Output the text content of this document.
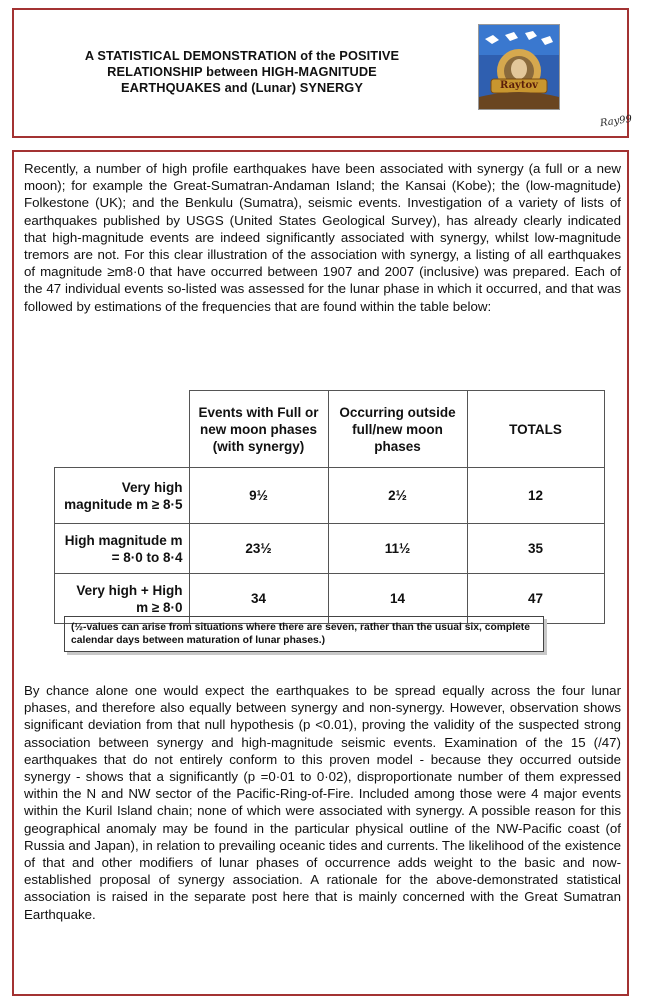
A STATISTICAL DEMONSTRATION of the POSITIVE
RELATIONSHIP between HIGH-MAGNITUDE
EARTHQUAKES and (Lunar) SYNERGY	Raytov
Ray99

Recently, a number of high profile earthquakes have been associated with synergy (a full or a new moon); for example the Great-Sumatran-Andaman Island; the Kansai (Kobe); the (low-magnitude) Folkestone (UK); and the Benkulu (Sumatra), seismic events. Investigation of a variety of lists of earthquakes published by USGS (United States Geological Survey), has already clearly indicated that high-magnitude events are indeed significantly associated with synergy, whilst low-magnitude tremors are not. For this clear illustration of the association with synergy, a listing of all earthquakes of magnitude ≥m8·0 that have occurred between 1907 and 2007 (inclusive) was prepared. Each of the 47 individual events so-listed was assessed for the lunar phase in which it occurred, and that was followed by estimations of the frequencies that are found within the table below:

	Events with Full or new moon phases (with synergy)	Occurring outside full/new moon phases	TOTALS
Very high magnitude m ≥ 8·5	9½	2½	12
High magnitude m = 8·0 to 8·4	23½	11½	35
Very high + High m ≥ 8·0	34	14	47
(½-values can arise from situations where there are seven, rather than the usual six, complete calendar days between maturation of lunar phases.)

By chance alone one would expect the earthquakes to be spread equally across the four lunar phases, and therefore also equally between synergy and non-synergy. However, observation shows significant deviation from that null hypothesis (p <0.01), proving the validity of the suspected strong association between synergy and high-magnitude seismic events. Examination of the 15 (/47) earthquakes that do not entirely conform to this proven model - because they occurred outside synergy - shows that a significantly (p =0·01 to 0·02), disproportionate number of them expressed within the N and NW sector of the Pacific-Ring-of-Fire. Included among those were 4 major events within the Kuril Island chain; none of which were associated with synergy. A possible reason for this geographical anomaly may be found in the particular physical outline of the NW-Pacific coast (of Russia and Japan), in relation to prevailing oceanic tides and currents. The likelihood of the existence of that and other modifiers of lunar phases of occurrence adds weight to the basic and now-established proposal of synergy association. A rationale for the above-demonstrated statistical association is raised in the separate post here that is mainly concerned with the Great Sumatran Earthquake.
